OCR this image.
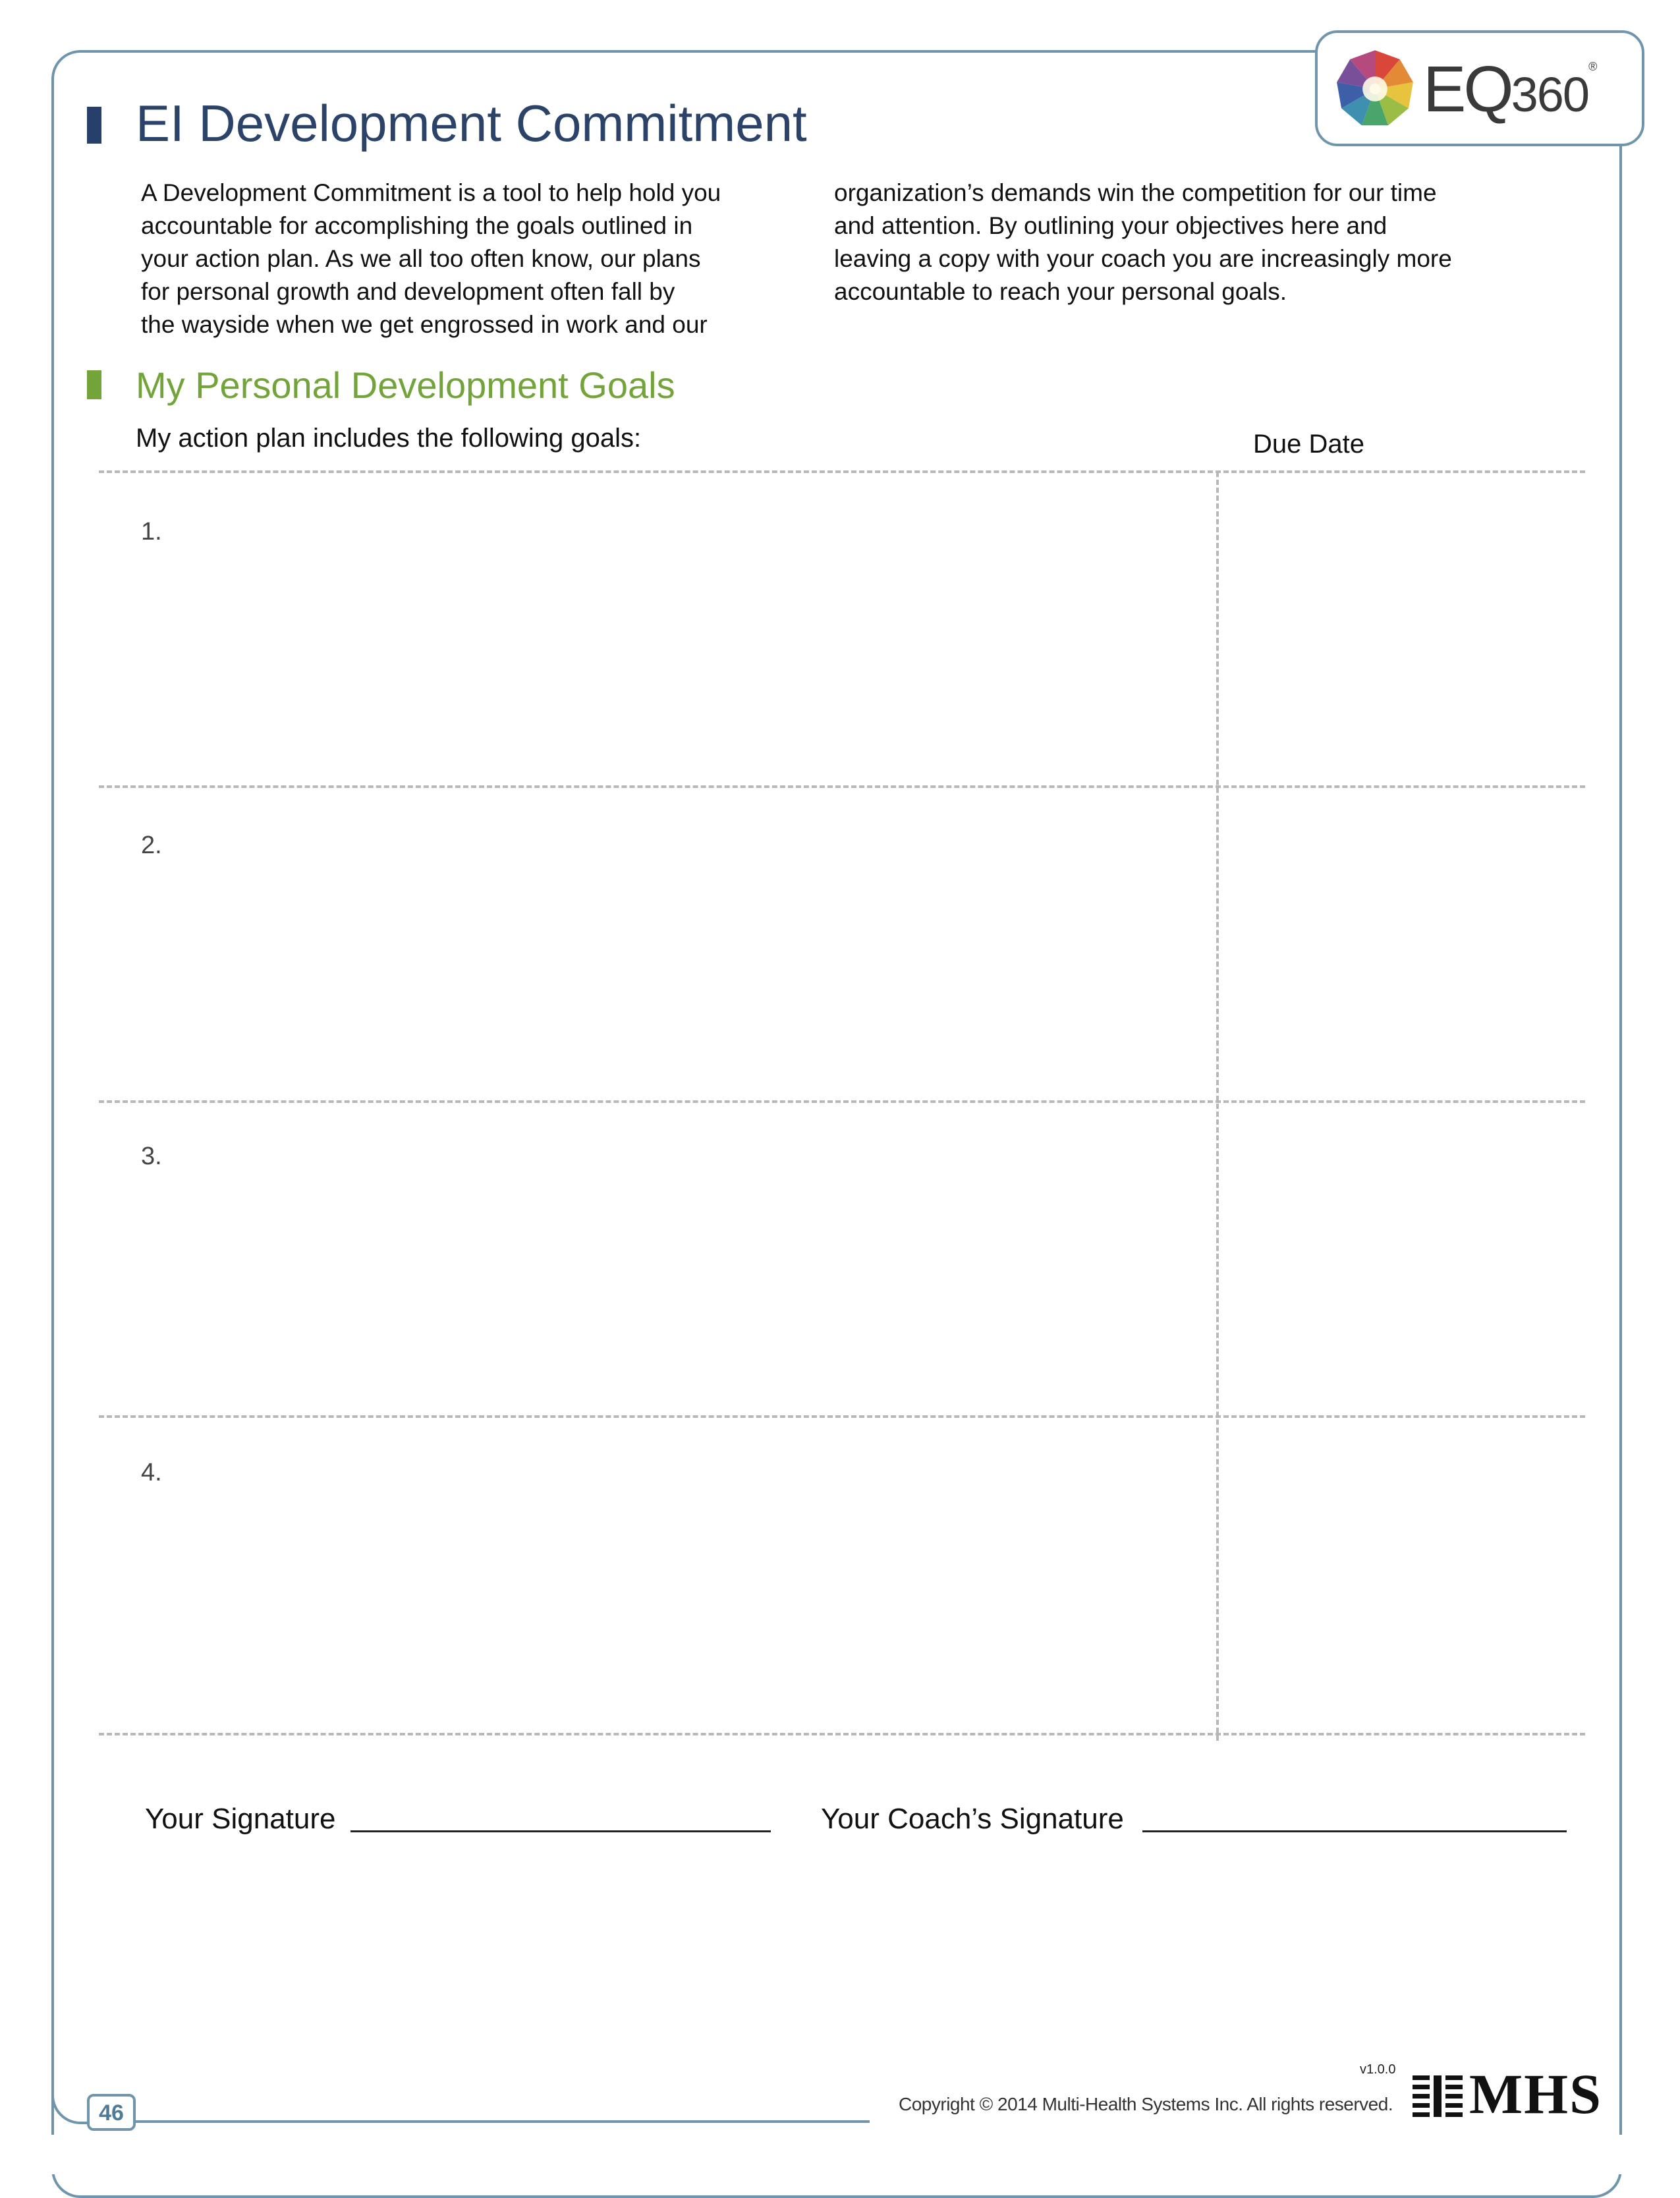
EQ360®
EI Development Commitment
A Development Commitment is a tool to help hold you
accountable for accomplishing the goals outlined in
your action plan. As we all too often know, our plans
for personal growth and development often fall by
the wayside when we get engrossed in work and our
organization’s demands win the competition for our time
and attention. By outlining your objectives here and
leaving a copy with your coach you are increasingly more
accountable to reach your personal goals.
My Personal Development Goals
My action plan includes the following goals:	Due Date
1.
2.
3.
4.
Your Signature	Your Coach’s Signature
46
v1.0.0
Copyright © 2014 Multi-Health Systems Inc. All rights reserved. MHS
